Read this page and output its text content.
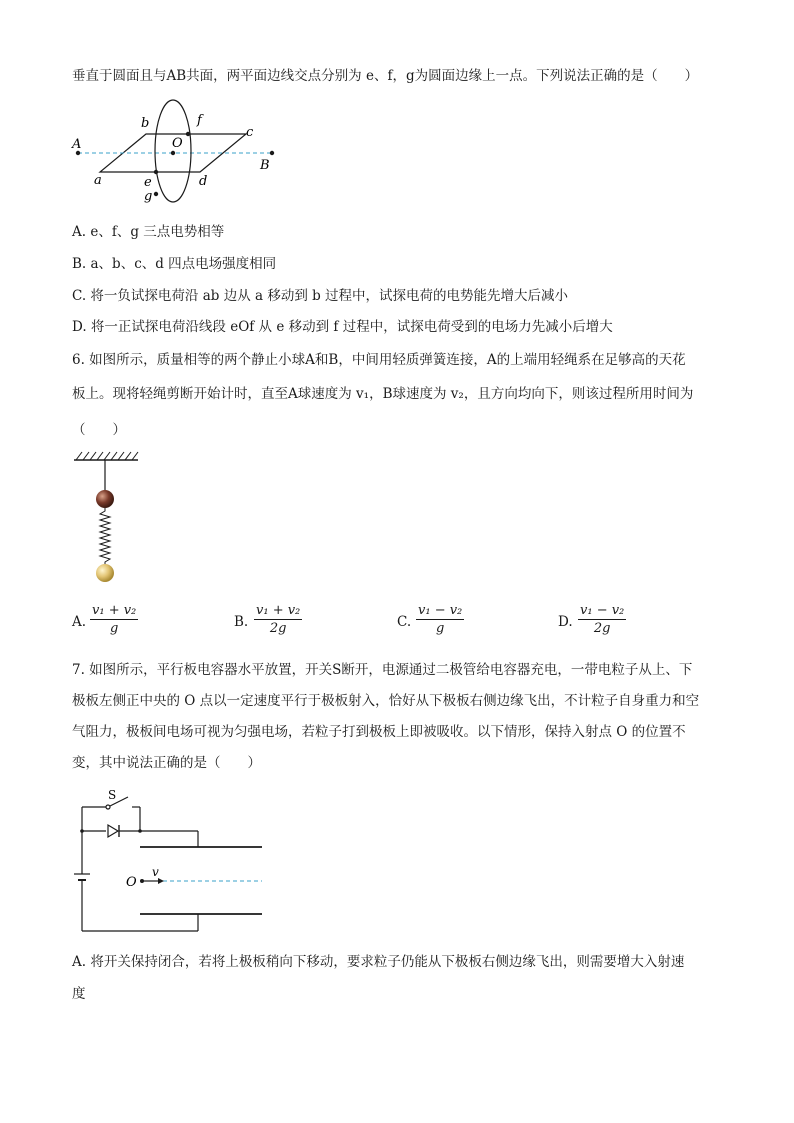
垂直于圆面且与AB共面，两平面边线交点分别为 e、f，g为圆面边缘上一点。下列说法正确的是（　　）
A
B
O
a
b
c
d
e
f
g
A. e、f、g 三点电势相等
B. a、b、c、d 四点电场强度相同
C. 将一负试探电荷沿 ab 边从 a 移动到 b 过程中，试探电荷的电势能先增大后减小
D. 将一正试探电荷沿线段 eOf 从 e 移动到 f 过程中，试探电荷受到的电场力先减小后增大
6. 如图所示，质量相等的两个静止小球A和B，中间用轻质弹簧连接，A的上端用轻绳系在足够高的天花
板上。现将轻绳剪断开始计时，直至A球速度为 v₁，B球速度为 v₂，且方向均向下，则该过程所用时间为
（　　）
A. $\frac{\text{v₁ + v₂}}{g}$	B. $\frac{\text{v₁ + v₂}}{2g}$	C. $\frac{\text{v₁ − v₂}}{g}$	D. $\frac{\text{v₁ − v₂}}{2g}$
7. 如图所示，平行板电容器水平放置，开关S断开，电源通过二极管给电容器充电，一带电粒子从上、下
极板左侧正中央的 O 点以一定速度平行于极板射入，恰好从下极板右侧边缘飞出，不计粒子自身重力和空
气阻力，极板间电场可视为匀强电场，若粒子打到极板上即被吸收。以下情形，保持入射点 O 的位置不
变，其中说法正确的是（　　）
S
O
v
A. 将开关保持闭合，若将上极板稍向下移动，要求粒子仍能从下极板右侧边缘飞出，则需要增大入射速
度
